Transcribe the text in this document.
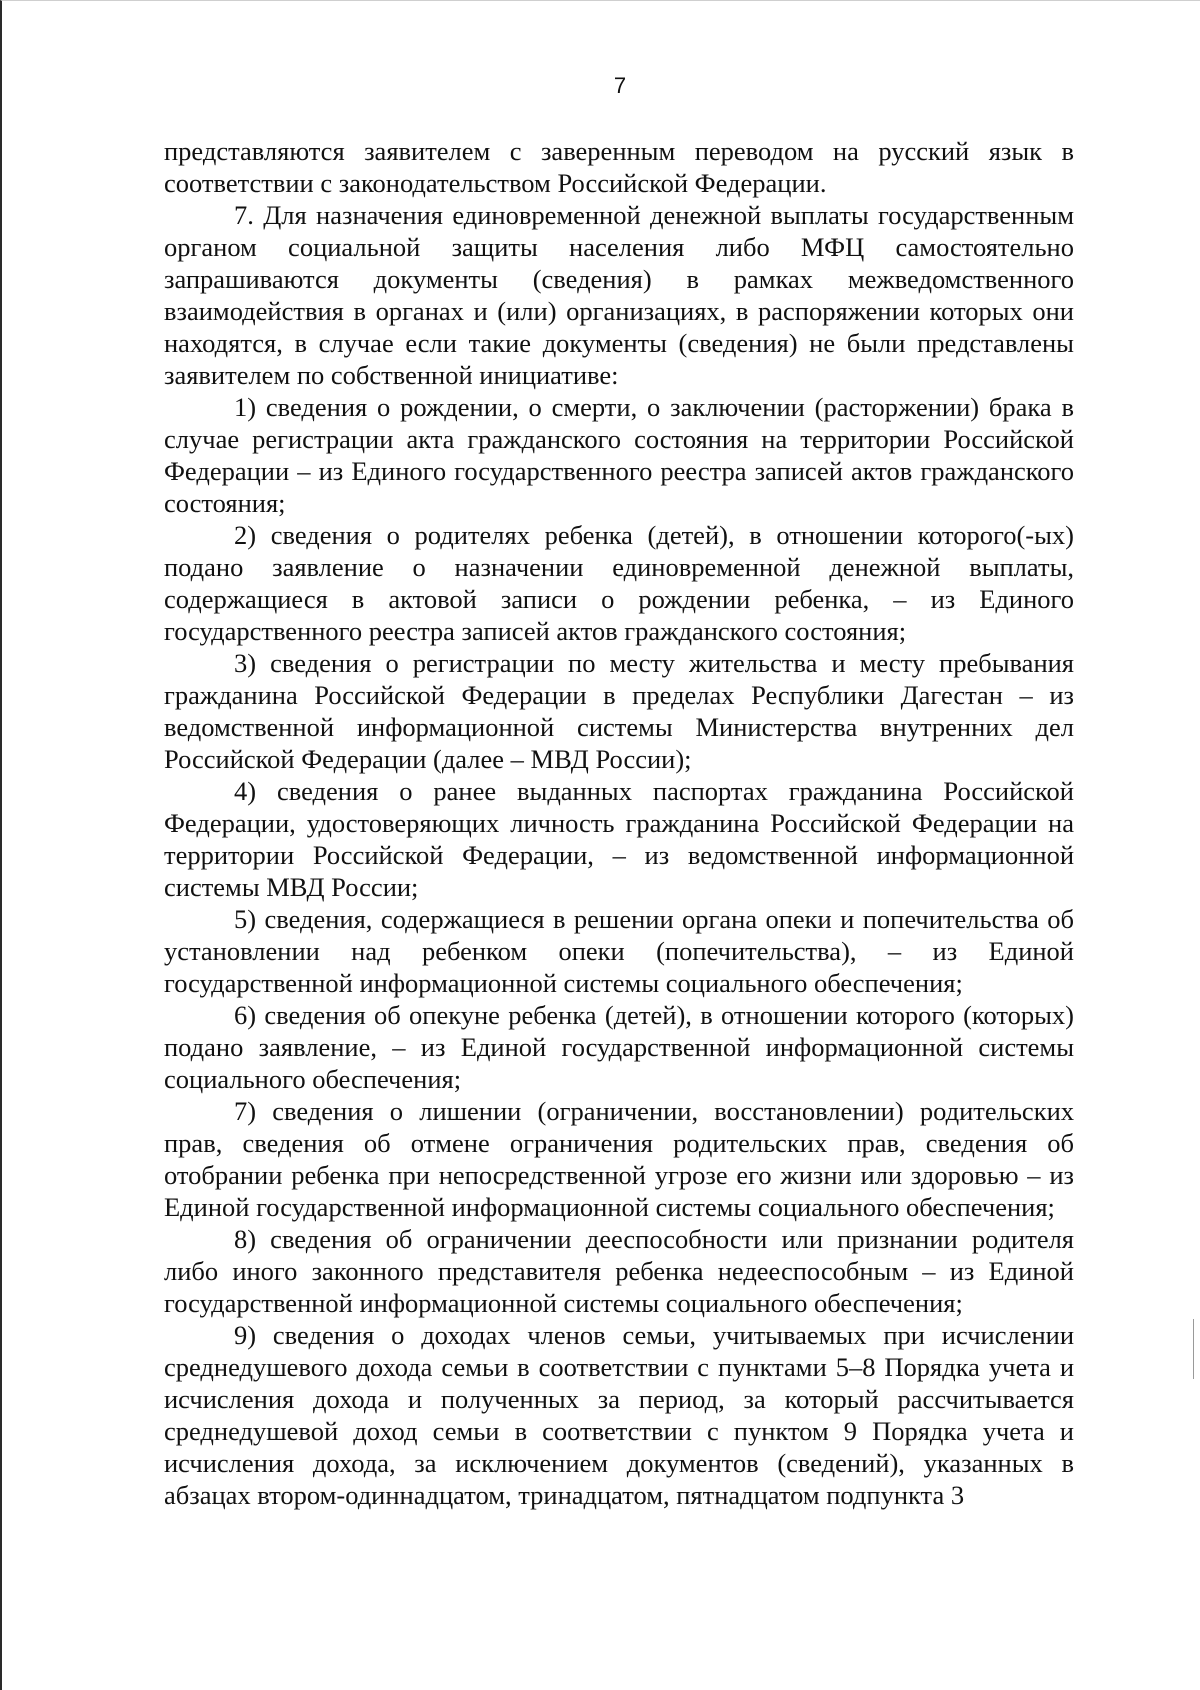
7

представляются заявителем с заверенным переводом на русский язык в соответствии с законодательством Российской Федерации.

7. Для назначения единовременной денежной выплаты государственным органом социальной защиты населения либо МФЦ самостоятельно запрашиваются документы (сведения) в рамках межведомственного взаимодействия в органах и (или) организациях, в распоряжении которых они находятся, в случае если такие документы (сведения) не были представлены заявителем по собственной инициативе:

1) сведения о рождении, о смерти, о заключении (расторжении) брака в случае регистрации акта гражданского состояния на территории Российской Федерации – из Единого государственного реестра записей актов гражданского состояния;

2) сведения о родителях ребенка (детей), в отношении которого(-ых) подано заявление о назначении единовременной денежной выплаты, содержащиеся в актовой записи о рождении ребенка, – из Единого государственного реестра записей актов гражданского состояния;

3) сведения о регистрации по месту жительства и месту пребывания гражданина Российской Федерации в пределах Республики Дагестан – из ведомственной информационной системы Министерства внутренних дел Российской Федерации (далее – МВД России);

4) сведения о ранее выданных паспортах гражданина Российской Федерации, удостоверяющих личность гражданина Российской Федерации на территории Российской Федерации, – из ведомственной информационной системы МВД России;

5) сведения, содержащиеся в решении органа опеки и попечительства об установлении над ребенком опеки (попечительства), – из Единой государственной информационной системы социального обеспечения;

6) сведения об опекуне ребенка (детей), в отношении которого (которых) подано заявление, – из Единой государственной информационной системы социального обеспечения;

7) сведения о лишении (ограничении, восстановлении) родительских прав, сведения об отмене ограничения родительских прав, сведения об отобрании ребенка при непосредственной угрозе его жизни или здоровью – из Единой государственной информационной системы социального обеспечения;

8) сведения об ограничении дееспособности или признании родителя либо иного законного представителя ребенка недееспособным – из Единой государственной информационной системы социального обеспечения;

9) сведения о доходах членов семьи, учитываемых при исчислении среднедушевого дохода семьи в соответствии с пунктами 5–8 Порядка учета и исчисления дохода и полученных за период, за который рассчитывается среднедушевой доход семьи в соответствии с пунктом 9 Порядка учета и исчисления дохода, за исключением документов (сведений), указанных в абзацах втором-одиннадцатом, тринадцатом, пятнадцатом подпункта 3
